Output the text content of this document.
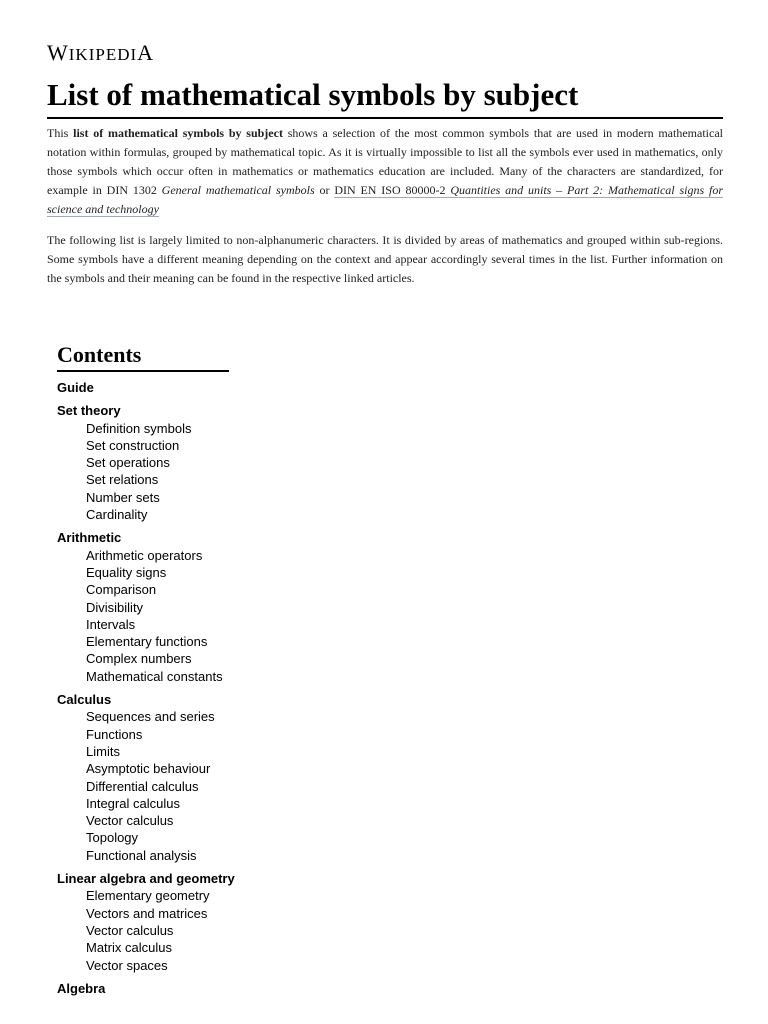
WIKIPEDIA
List of mathematical symbols by subject

This list of mathematical symbols by subject shows a selection of the most common symbols that are used in modern mathematical notation within formulas, grouped by mathematical topic. As it is virtually impossible to list all the symbols ever used in mathematics, only those symbols which occur often in mathematics or mathematics education are included. Many of the characters are standardized, for example in DIN 1302 General mathematical symbols or DIN EN ISO 80000-2 Quantities and units – Part 2: Mathematical signs for science and technology

The following list is largely limited to non-alphanumeric characters. It is divided by areas of mathematics and grouped within sub-regions. Some symbols have a different meaning depending on the context and appear accordingly several times in the list. Further information on the symbols and their meaning can be found in the respective linked articles.

Contents
Guide
Set theory
Definition symbols
Set construction
Set operations
Set relations
Number sets
Cardinality
Arithmetic
Arithmetic operators
Equality signs
Comparison
Divisibility
Intervals
Elementary functions
Complex numbers
Mathematical constants
Calculus
Sequences and series
Functions
Limits
Asymptotic behaviour
Differential calculus
Integral calculus
Vector calculus
Topology
Functional analysis
Linear algebra and geometry
Elementary geometry
Vectors and matrices
Vector calculus
Matrix calculus
Vector spaces
Algebra
